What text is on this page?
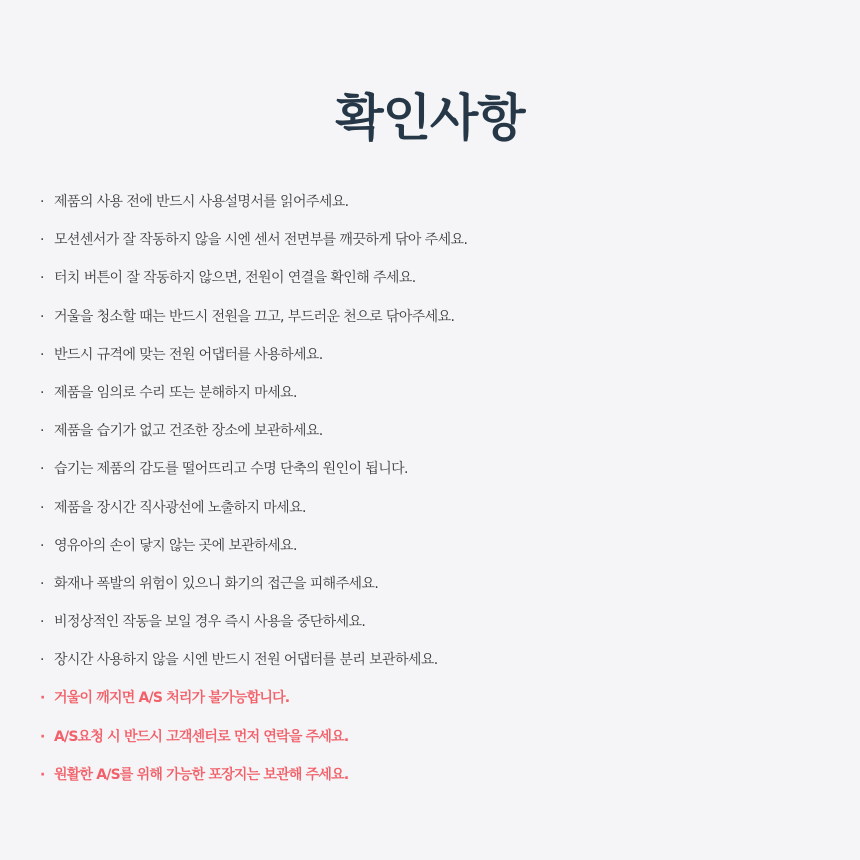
확인사항
· 제품의 사용 전에 반드시 사용설명서를 읽어주세요.
· 모션센서가 잘 작동하지 않을 시엔 센서 전면부를 깨끗하게 닦아 주세요.
· 터치 버튼이 잘 작동하지 않으면, 전원이 연결을 확인해 주세요.
· 거울을 청소할 때는 반드시 전원을 끄고, 부드러운 천으로 닦아주세요.
· 반드시 규격에 맞는 전원 어댑터를 사용하세요.
· 제품을 임의로 수리 또는 분해하지 마세요.
· 제품을 습기가 없고 건조한 장소에 보관하세요.
· 습기는 제품의 감도를 떨어뜨리고 수명 단축의 원인이 됩니다.
· 제품을 장시간 직사광선에 노출하지 마세요.
· 영유아의 손이 닿지 않는 곳에 보관하세요.
· 화재나 폭발의 위험이 있으니 화기의 접근을 피해주세요.
· 비정상적인 작동을 보일 경우 즉시 사용을 중단하세요.
· 장시간 사용하지 않을 시엔 반드시 전원 어댑터를 분리 보관하세요.
· 거울이 깨지면 A/S 처리가 불가능합니다.
· A/S요청 시 반드시 고객센터로 먼저 연락을 주세요.
· 원활한 A/S를 위해 가능한 포장지는 보관해 주세요.
